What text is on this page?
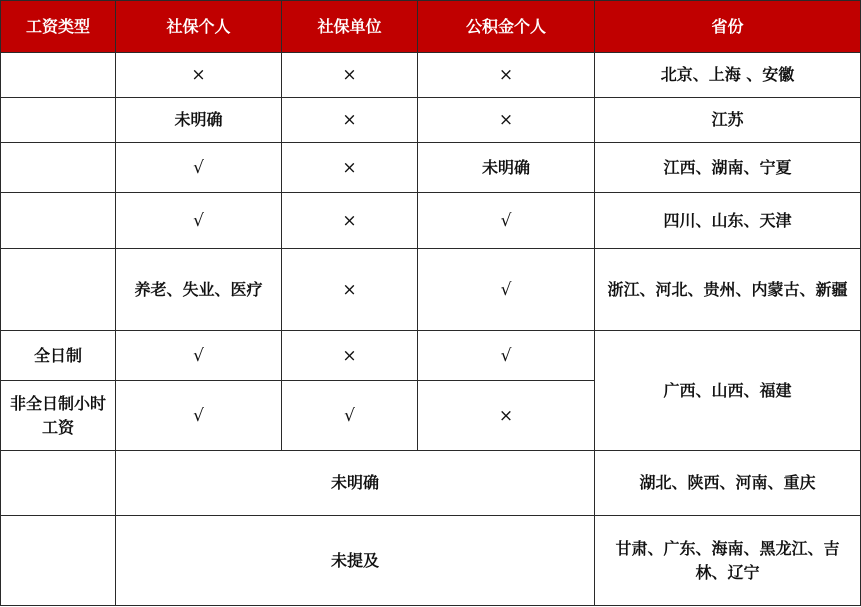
工资类型	社保个人	社保单位	公积金个人	省份
	×	×	×	北京、上海 、安徽
	未明确	×	×	江苏
	√	×	未明确	江西、湖南、宁夏
	√	×	√	四川、山东、天津
	养老、失业、医疗	×	√	浙江、河北、贵州、内蒙古、新疆
全日制	√	×	√	广西、山西、福建
非全日制小时工资	√	√	×	
	未明确			湖北、陕西、河南、重庆
	未提及			甘肃、广东、海南、黑龙江、吉林、辽宁
